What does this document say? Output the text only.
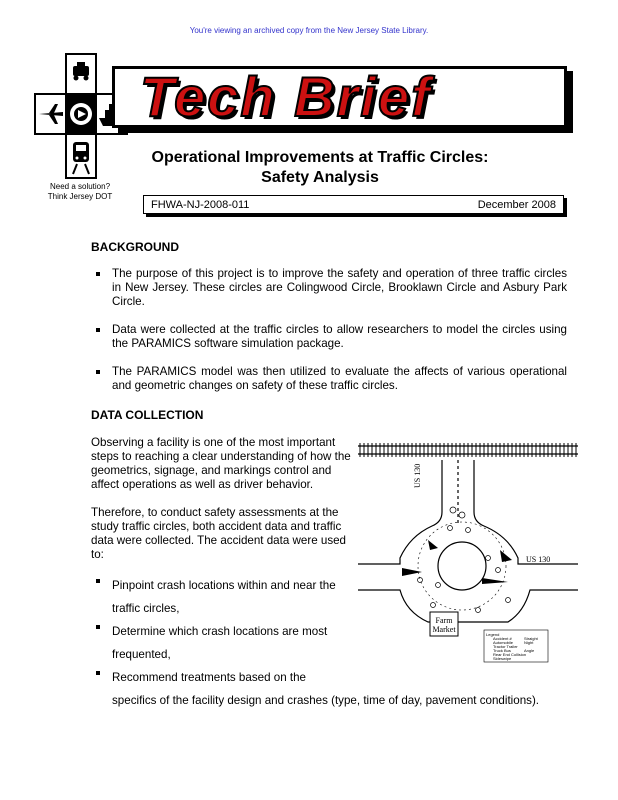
You're viewing an archived copy from the New Jersey State Library.
Tech Brief
Need a solution?
Think Jersey DOT
Operational Improvements at Traffic Circles:
Safety Analysis
FHWA-NJ-2008-011	December 2008
BACKGROUND
The purpose of this project is to improve the safety and operation of three traffic circles in New Jersey. These circles are Colingwood Circle, Brooklawn Circle and Asbury Park Circle.
Data were collected at the traffic circles to allow researchers to model the circles using the PARAMICS software simulation package.
The PARAMICS model was then utilized to evaluate the affects of various operational and geometric changes on safety of these traffic circles.
DATA COLLECTION
Observing a facility is one of the most important steps to reaching a clear understanding of how the geometrics, signage, and markings control and affect operations as well as driver behavior.
Therefore, to conduct safety assessments at the study traffic circles, both accident data and traffic data were collected. The accident data were used to:
Pinpoint crash locations within and near the
traffic circles,
Determine which crash locations are most
frequented,
Recommend treatments based on the
specifics of the facility design and crashes (type, time of day, pavement conditions).
US 130
US 130
Farm
Market
Legend
Accident #
Automobile
Tractor Trailer
Truck Bus
Rear End Collision
Sideswipe
Straight
Night
Angle
